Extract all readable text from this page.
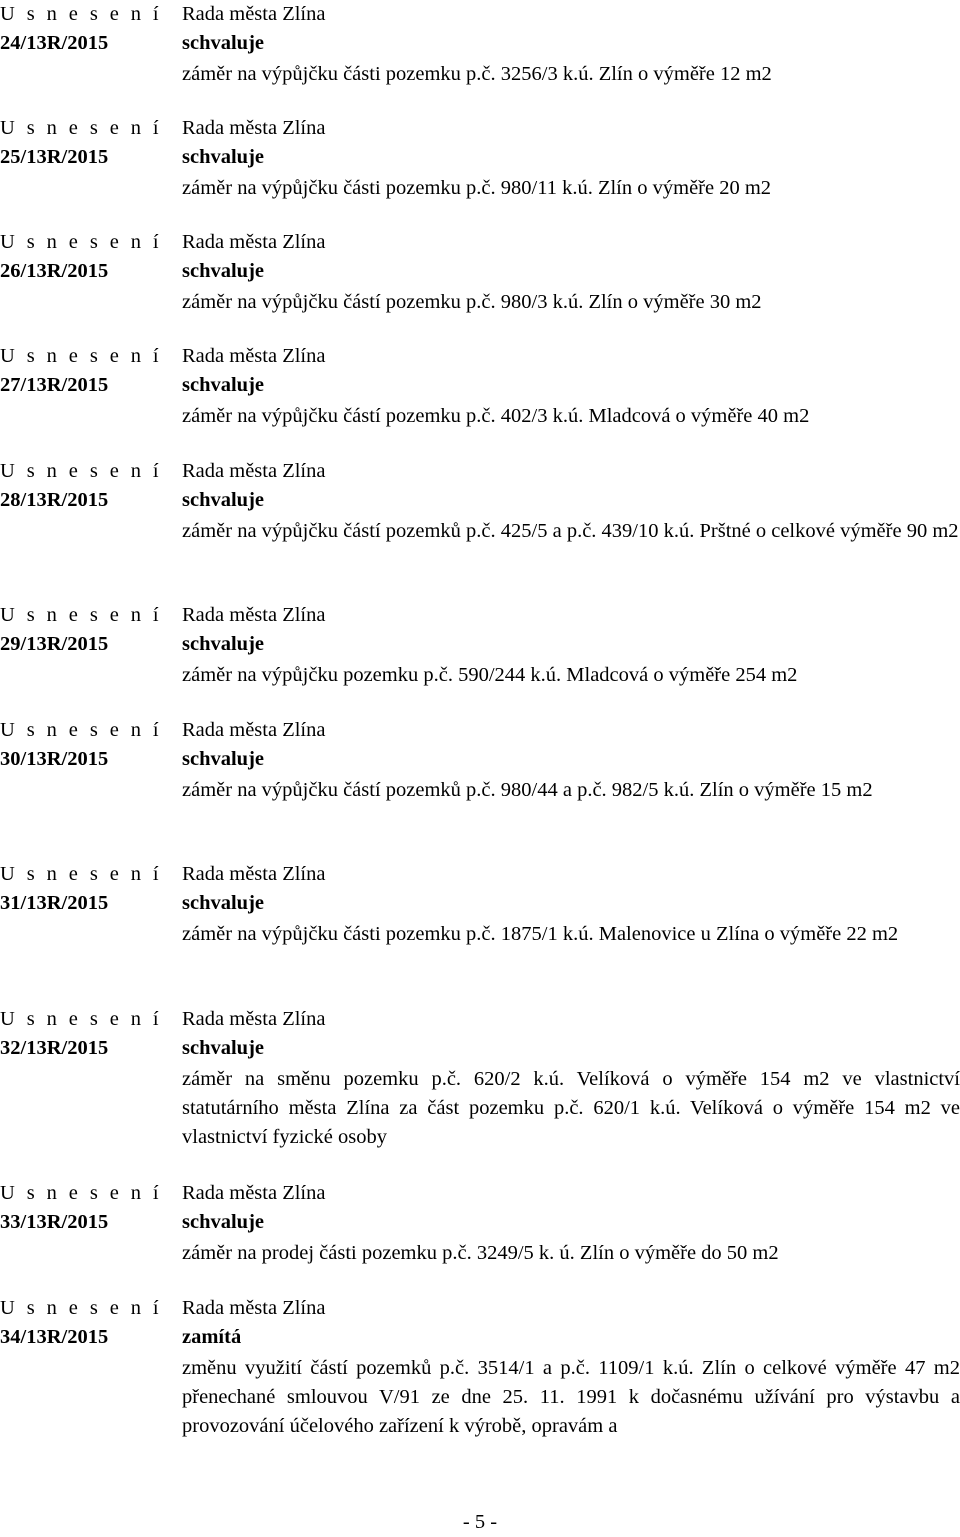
U s n e s e n í
24/13R/2015
Rada města Zlína
schvaluje
záměr na výpůjčku části pozemku p.č. 3256/3 k.ú. Zlín o výměře 12 m2
U s n e s e n í
25/13R/2015
Rada města Zlína
schvaluje
záměr na výpůjčku části pozemku p.č. 980/11 k.ú. Zlín o výměře 20 m2
U s n e s e n í
26/13R/2015
Rada města Zlína
schvaluje
záměr na výpůjčku částí pozemku p.č. 980/3 k.ú. Zlín o výměře 30 m2
U s n e s e n í
27/13R/2015
Rada města Zlína
schvaluje
záměr na výpůjčku částí pozemku p.č. 402/3 k.ú. Mladcová o výměře 40 m2
U s n e s e n í
28/13R/2015
Rada města Zlína
schvaluje
záměr na výpůjčku částí pozemků p.č. 425/5 a p.č. 439/10 k.ú. Prštné o celkové výměře 90 m2
U s n e s e n í
29/13R/2015
Rada města Zlína
schvaluje
záměr na výpůjčku pozemku p.č. 590/244 k.ú. Mladcová o výměře 254 m2
U s n e s e n í
30/13R/2015
Rada města Zlína
schvaluje
záměr na výpůjčku částí pozemků p.č. 980/44 a p.č. 982/5 k.ú. Zlín o výměře 15 m2
U s n e s e n í
31/13R/2015
Rada města Zlína
schvaluje
záměr na výpůjčku části pozemku p.č. 1875/1 k.ú. Malenovice u Zlína o výměře 22 m2
U s n e s e n í
32/13R/2015
Rada města Zlína
schvaluje
záměr na směnu pozemku p.č. 620/2 k.ú. Velíková o výměře 154 m2 ve vlastnictví statutárního města Zlína za část pozemku p.č. 620/1 k.ú. Velíková o výměře 154 m2 ve vlastnictví fyzické osoby
U s n e s e n í
33/13R/2015
Rada města Zlína
schvaluje
záměr na prodej části pozemku p.č. 3249/5 k. ú. Zlín o výměře do 50 m2
U s n e s e n í
34/13R/2015
Rada města Zlína
zamítá
změnu využití částí pozemků p.č. 3514/1 a p.č. 1109/1 k.ú. Zlín o celkové výměře 47 m2 přenechané smlouvou V/91 ze dne 25. 11. 1991 k dočasnému užívání pro výstavbu a provozování účelového zařízení k výrobě, opravám a
- 5 -
